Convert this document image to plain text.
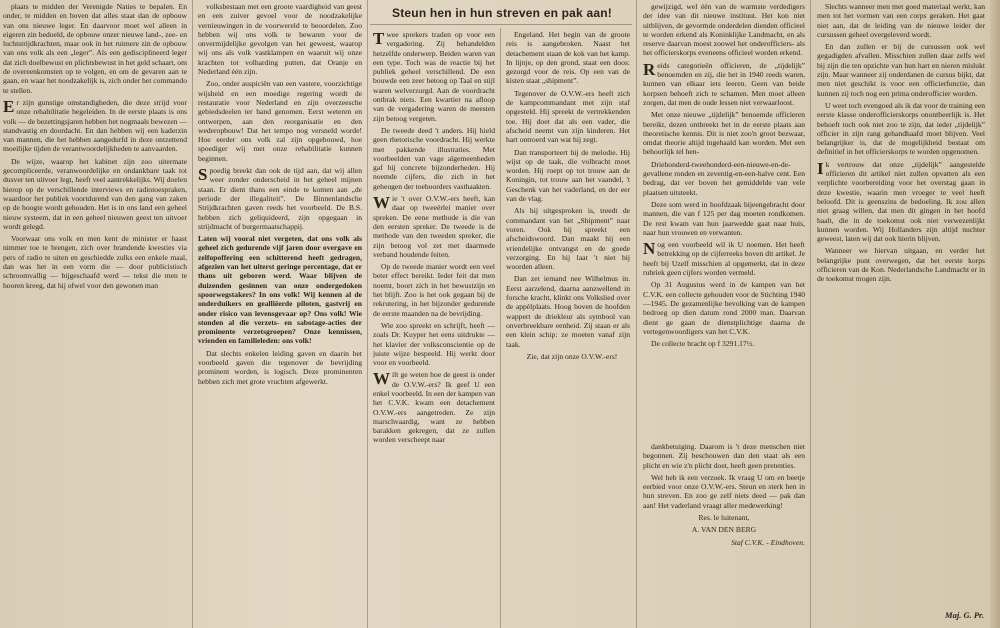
plaats te midden der Verenigde Naties te bepalen. En onder, te midden en boven dat alles staat dan de opbouw van ons nieuwe leger. En daarvoor moet wel alleen in eigeren zin bedoeld, de opbouw onzer nieuwe land-, zee- en luchtstrijdkrachten, maar ook in het ruimere zin de opbouw van ons volk als een „leger”. Als een gedisciplineerd leger dat zich doelbewust en plichtsbewust in het geld schaart, om de overeenkomsten op te volgen, en om de gevaren aan te gaan, en waar het noodzakelijk is, zich onder het commando te stellen.

Er zijn gunstige omstandigheden, die deze strijd voor onze rehabilitatie begeleiden. In de eerste plaats is ons volk — de bezettingsjaren hebben het nogmaals bewezen — standvastig en doordacht. En dan hebben wij een kaderzin van mannen, die het hebben aangedurfd in deze ontzettend moeilijke tijden de verantwoordelijkheden te aanvaarden.

De wijze, waarop het kabinet zijn zoo uitermate gecompliceerde, veranwoordelijke en ondankbare taak tot dusver ten uitvoer legt, heeft veel aantrekkelijks. Wij doelen hierop op de verschillende interviews en radiotoespraken, waardoor het publiek voortdurend van den gang van zaken op de hoogte wordt gehouden. Het is in ons land een geheel nieuw systeem, dat in een geheel nieuwen geest ten uitvoer wordt gelegd.

Voorwaar ons volk en men kent de minister er haast nimmer toe te brengen, zich over brandende kwesties via pers of radio te uiten en geschiedde zulks een enkele maal, dan was het in een vorm die — door publicistisch schroomvallig — bijgeschaafd werd — tekst die men te hooren kreeg, dat hij ofwel voor den gewonen man

volksbestaan met een groote vaardigheid van geest en een zuiver gevoel voor de noodzakelijke vernieuwingen in de voorwereld te beoordelen. Zoo hebben wij ons volk te bewaren voor de onvermijdelijke gevolgen van het geweest, waarop wij ons als volk vastklampen en waaruit wij onze krachten tot volharding putten, dat Oranje en Nederland één zijn.

Zoo, onder auspiciën van een vastere, voorzichtige wijsheid en een moedige regering wordt de restauratie voor Nederland en zijn overzeesche gebiedsdeelen ter hand genomen. Eerst weteren en ontwerpen, aan den reorganisatie en den wederopbouw! Dat het tempo nog versneld worde! Hoe eerder ons volk zal zijn opgebouwd, hoe spoediger wij met onze rehabilitatie kunnen beginnen.

Spoedig breekt dan ook de tijd aan, dat wij allen weer zonder onderscheid in het geheel mijnen staan. Er dient thans een einde te komen aan „de periode der illegaliteit”. De Binnenlandsche Strijdkrachten gaven reeds het voorbeeld. De B.S. hebben zich geliquideerd, zijn opgegaan in strijdmacht of burgermaatschappij.

Laten wij vooral niet vergeten, dat ons volk als geheel zich gedurende vijf jaren door overgave en zelfopoffering een schitterend heeft gedragen, afgezien van het uiterst geringe percentage, dat er thans uit geboren werd. Waar blijven de duizenden gesinnen van onze ondergedoken spoorwegstakers? In ons volk! Wij kennen al de onderduikers en gealliëerde piloten, gastvrij en onder risico van levensgevaar op? Ons volk! Wie stonden al die verzets- en sabotage-acties der prominente verzetsgroepen? Onze kennissen, vrienden en familieleden: ons volk!

Dat slechts enkelen leiding gaven en daarin het voorbeeld gaven die tegenover de bevrijding prominent worden, is logisch. Deze prominenten hebben zich met grote vruchten afgewerkt.

Steun hen in hun streven en pak aan!

Twee sprekers traden op voor een vergadering. Zij behandelden hetzelfde onderwerp. Beiden waren van een type. Toch was de reactie bij het publiek geheel verschillend. De een bouwde een zeer betoog op Taal en stijl waren welverzorgd. Aan de voordracht ontbrak niets. Een kwartier na afloop van de vergadering waren de meesten zijn betoog vergeten.

De tweede deed 't anders. Hij hield geen rhetorische voordracht. Hij werkte met pakkende illustraties. Met voorbeelden van vage algemeenheden gaf hij concrete bijzonderheden. Hij noemde cijfers, die zich in het geheugen der toehoorders vasthaakten.

Wie 't over O.V.W.-ers heeft, kan daar op tweeërlei manier over spreken. De eene methode is die van den eersten spreker. De tweede is de methode van den tweeden spreker, die zijn betoog vol zet met daarmede verband houdende feiten.

Op de tweede manier wordt een veel beter effect bereikt. Ieder feit dat men noemt, boort zich in het bewustzijn en het blijft. Zoo is het ook gegaan bij de rekrutering, in het bijzonder gedurende de eerste maanden na de bevrijding.

Wie zoo spreekt en schrijft, heeft — zoals Dr. Kuyper het eens uitdrukte — het klavier der volksconscientie op de juiste wijze bespeeld. Hij werkt door voor en voorbeeld.

Wilt ge weten hoe de geest is onder de O.V.W.-ers? Ik geef U een enkel voorbeeld. In een der kampen van het C.V.K. kwam een detachement O.V.W.-ers aangetreden. Ze zijn marschvaardig, want ze hebben barakken gekregen, dat ze zullen worden verscheept naar

Engeland. Het begin van de groote reis is aangebroken. Naast het detachement staan de kok van het kamp. In lijnje, op den grond, staat een doos: gezorgd voor de reis. Op een van de kisten staat „shipment”.

Tegenover de O.V.W.-ers heeft zich de kampcommandant met zijn staf opgesteld. Hij spreekt de vertrekkenden toe. Hij doet dat als een vader, die afscheid neemt van zijn kinderen. Het hart ontroerd van wat hij zegt.

Dan transporteert hij de melodie. Hij wijst op de taak, die volbracht moet worden. Hij roept op tot trouw aan de Koningin, tot trouw aan het vaandel, 't Geschenk van het vaderland, en der eer van de vlag.

Als hij uitgesproken is, treedt de commandant van het „Shipment” naar voren. Ook hij spreekt een afscheidswoord. Dan maakt hij een vriendelijke ontvangst en de goede verzorging. En hij laat 't niet bij woorden alleen.

Dan zet iemand nee Wilhelmus in. Eerst aarzelend, daarna aanzwellend in forsche kracht, klinkt ons Volkslied over de appèlplaats. Hoog boven de hoofden wappert de driekleur als symbool van onverbreekbare eenheid. Zij staan er als een klein schip: ze moeten vanaf zijn taak.

Zie, dat zijn onze O.V.W.-ers!

gewijzigd, wel één van de warmste verdedigers der idee van dit nieuwe instituut. Het kon niet uitblijven, de gevormde onderdelen dienden officieel te worden erkend als Koninklijke Landmacht, en als reserve daarvan moest zoowel het onderofficiers- als het officierskorps eveneens officieel worden erkend.

Reids categorieën officieren, de „tijdelijk” benoemden en zij, die het in 1940 reeds waren, kunnen van elkaar iets leeren. Geen van beide korpsen behoeft zich te schamen. Men moet alleen zorgen, dat men de oude lessen niet verwaarloost.

Met onze nieuwe „tijdelijk” benoemde officieren bereikt, dezen ontbreekt het in de eerste plaats aan theoretische kennis. Dit is niet zoo'n groot bezwaar, omdat theorie altijd ingehaald kan worden. Met een behoorlijk tel hen-

Driehonderd-tweehonderd-een-nieuwe-en-de-gevallene ronden en zeventig-en-een-halve cent. Een bedrag, dat ver boven het gemiddelde van vele plaatsen uitsteekt.

Deze som werd in hoofdzaak bijeengebracht door mannen, die van f 125 per dag moeten rondkomen. De rest kwam van hun jaarwedde gaat naar huis, naar hun vrouwen en verwanten.

Nog een voorbeeld wil ik U noemen. Het heeft betrekking op de cijferreeks boven dit artikel. Je heeft bij Uzelf misschien al opgemerkt, dat in deze rubriek geen cijfers worden vermeld.

Op 31 Augustus werd in de kampen van het C.V.K. een collecte gehouden voor de Stichting 1940—1945. De gezamenlijke bevolking van de kampen bedroeg op dien datum rond 2000 man. Daarvan dient ge gaan de dienstplichtige daarna de vertegenwoordigers van het C.V.K.

De collecte bracht op f 3291.17½.

dankbetuiging. Daarom is 't deze menschen niet begonnen. Zij beschouwen dan den staat als een plicht en wie z'n plicht doet, heeft geen pretenties.

Wel heb ik een verzoek. Ik vraag U om en beetje eerbied voor onze O.V.W.-ers. Steun en sterk hen in hun streven. En zoo ge zelf niets deed — pak dan aan! Het vaderland vraagt aller medewerking!

Res. le luitenant,

A. VAN DEN BERG

Staf C.V.K. - Eindhoven.

Slechts wanneer men met goed materiaal werkt, kan men tot het vormen van een corps geraken. Het gaat niet aan, dat de leiding van de nieuwe leider der cursussen geheel overgeleverd wordt.

En dan zullen er bij de cursussen ook wel gegadigden afvallen. Misschien zullen daar zelfs wel bij zijn die ten opzichte van hun hart en nieren mislukt zijn. Maar wanneer zij onderdanen de cursus bijkt, dat men niet geschikt is voor een officierfunctie, dan kunnen zij toch nog een prima onderofficier worden.

U weet toch evengoed als ik dat voor de training een eerste klasse onderofficierskorps onontbeerlijk is. Het behoeft toch ook niet zoo te zijn, dat ieder „tijdelijk” officier in zijn rang gehandhaafd moet blijven. Veel belangrijker is, dat de mogelijkheid bestaat om definitief in het officierskorps te worden opgenomen.

Ik vertrouw dat onze „tijdelijk” aangestelde officieren dit artikel niet zullen opvatten als een verplichte voorbereiding voor het overstag gaan in deze kwestie, waarin men vroeger te veel heeft beloofd. Dit is geenszins de bedoeling. Ik zou allen niet graag willen, dat men dit gingen in het hoofd haalt, die in de toekomst ook niet verwezenlijkt kunnen worden. Wij Hollanders zijn altijd nuchter geweest, laten wij dat ook hierin blijven.

Wanneer we hiervan uitgaan, en verder het belangrijke punt overwegen, dat het eerste korps officieren van de Kon. Nederlandsche Landmacht er in de toekomst mogen zijn.

Maj. G. Pr.
